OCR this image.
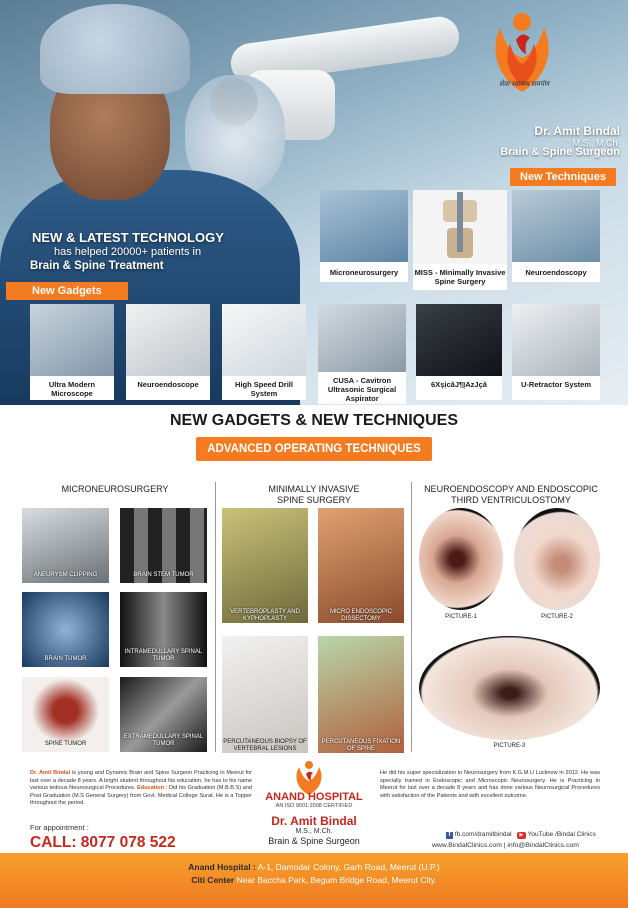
सेवा स्वास्थ्य समर्पण
Dr. Amit Bindal
M.S., M.Ch.
Brain & Spine Surgeon
New Techniques
NEW & LATEST TECHNOLOGY
has helped 20000+ patients in
Brain & Spine Treatment
New Gadgets
Microneurosurgery	MISS - Minimally Invasive Spine Surgery
Neuroendoscopy
Ultra Modern Microscope
Neuroendoscope	High Speed Drill System
CUSA - Cavitron Ultrasonic Surgical Aspirator
6XşịcăJ¶ĮAzJçă	U-Retractor System
NEW GADGETS & NEW TECHNIQUES
ADVANCED OPERATING TECHNIQUES
MICRONEUROSURGERY	MINIMALLY INVASIVE SPINE SURGERY
NEUROENDOSCOPY AND ENDOSCOPIC THIRD VENTRICULOSTOMY
ANEURYSM CLIPPING	BRAIN STEM TUMOR
BRAIN TUMOR
INTRAMEDULLARY SPINAL TUMOR
SPINE TUMOR
EXTRAMEDULLARY SPINAL TUMOR
VERTEBROPLASTY AND KYPHOPLASTY
MICRO ENDOSCOPIC DISSECTOMY
PERCUTANEOUS BIOPSY OF VERTEBRAL LESIONS
PERCUTANEOUS FIXATION OF SPINE
PICTURE-1	PICTURE-2
PICTURE-3
Dr. Amit Bindal is young and Dynamic Brain and Spine Surgeon Practicing in Meerut for last over a decade 8 years. A bright student throughout his education, he has to his name various tedious Neurosurgical Procedures. Education : Did his Graduation (M.B.B.S) and Post Graduation (M.S General Surgery) from Govt. Medical College Surat. He is a Topper throughout the period.
He did his super specialization in Neurosurgery from K.G.M.U Lucknow in 2012. He was specially trained in Endoscopic and Microscopic Neurosurgery. He is Practicing in Meerut for last over a decade 8 years and has done various Neurosurgical Procedures with satisfaction of the Patients and with excellent outcome.
ANAND HOSPITAL
AN ISO 9001:2008 CERTIFIED
Dr. Amit Bindal
M.S., M.Ch.
Brain & Spine Surgeon
For appointment :
CALL: 8077 078 522	f fb.com/dramitbindal ▶ YouTube /Bindal Clinics
www.BindalClinics.com | info@BindalClinics.com
Anand Hospital : A-1, Damodar Colony, Garh Road, Meerut (U.P.)
Citi Center Near Baccha Park, Begum Bridge Road, Meerut City.
